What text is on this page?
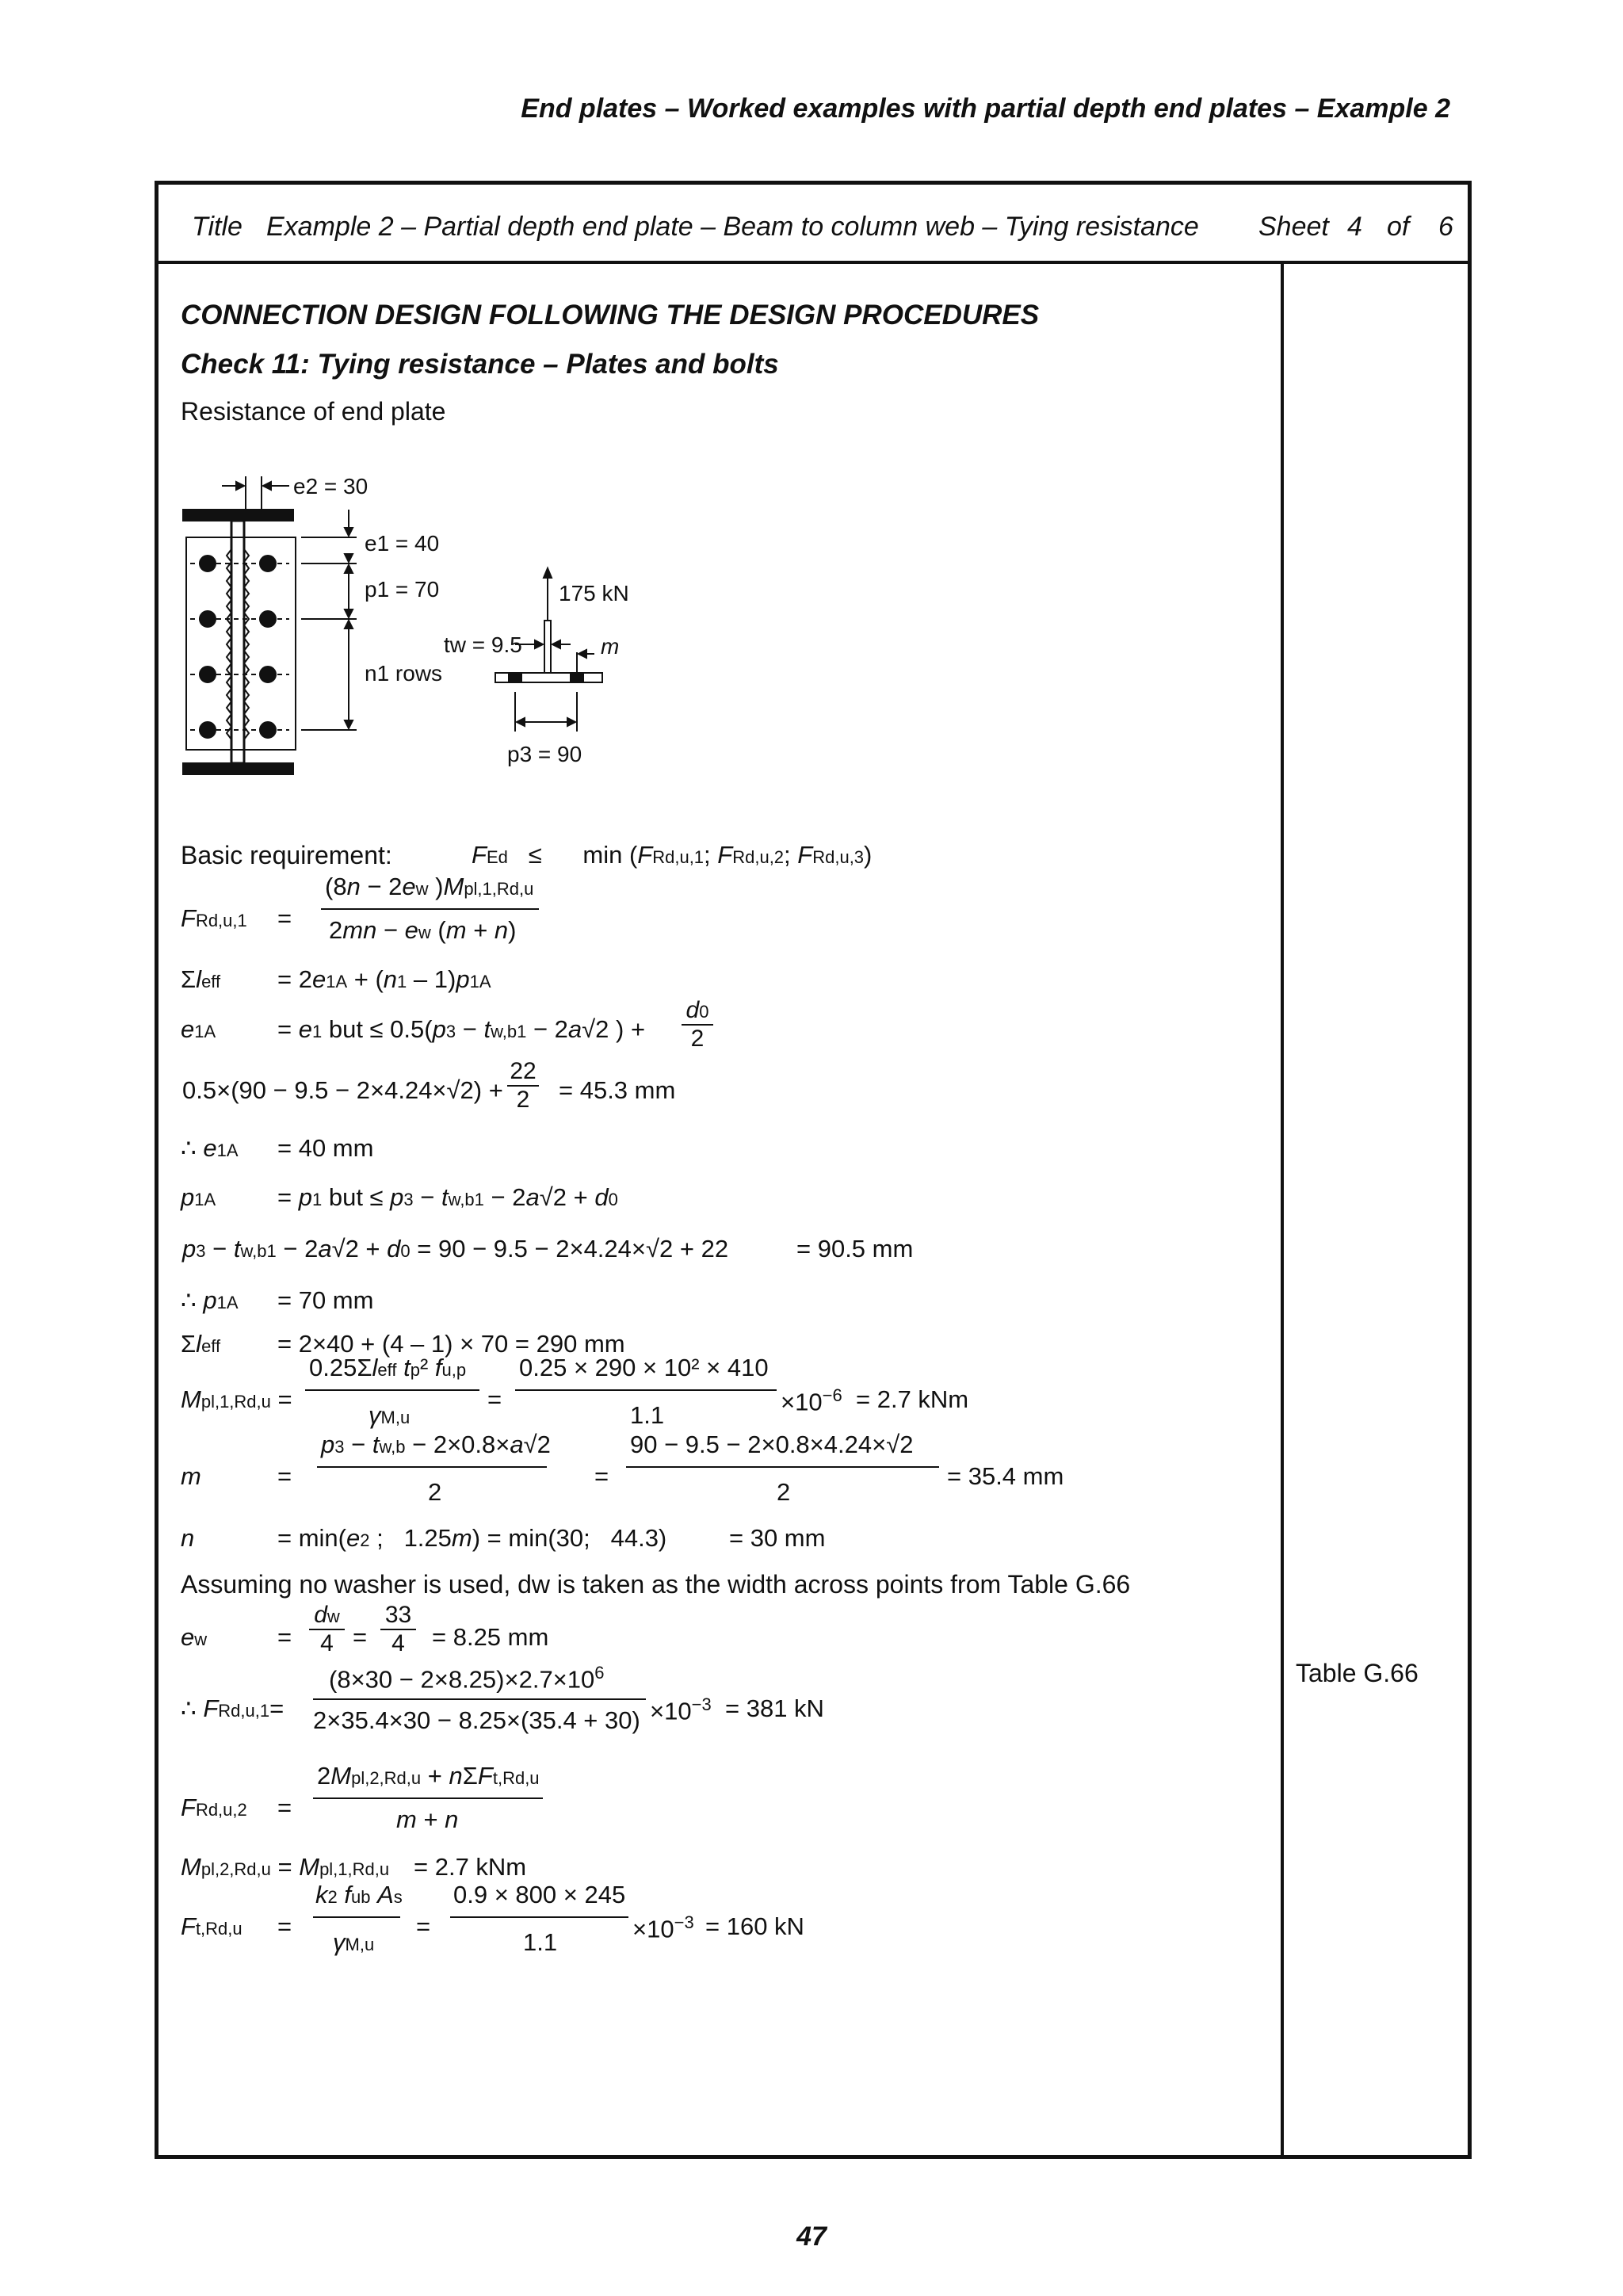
End plates – Worked examples with partial depth end plates – Example 2
Title Example 2 – Partial depth end plate – Beam to column web – Tying resistance Sheet 4 of 6
Table G.66
CONNECTION DESIGN FOLLOWING THE DESIGN PROCEDURES
Check 11: Tying resistance – Plates and bolts
Resistance of end plate
e2 = 30
e1 = 40
p1 = 70
n1 rows
175 kN
tw = 9.5	m
p3 = 90
Basic requirement:	FEd   ≤      min (FRd,u,1; FRd,u,2; FRd,u,3)
FRd,u,1 =
(8n − 2ew )Mpl,1,Rd,u
2mn − ew (m + n)
Σleff = 2e1A + (n1 – 1)p1A
e1A	= e1 but ≤ 0.5(p3 − tw,b1 − 2a√2 ) + $\frac{d0}{2}$
$0.5\times(90 - 9.5 - 2\times 4.24\times√2) + \frac{22}{2} = 45.3$ mm
∴ e1A = 40 mm
p1A	= p1 but ≤ p3 − tw,b1 − 2a√2 + d0
p3 − tw,b1 − 2a√2 + d0 = 90 − 9.5 − 2×4.24×√2 + 22	= 90.5 mm
∴ p1A = 70 mm
Σleff = 2×40 + (4 – 1) × 70 = 290 mm
Mpl,1,Rd,u =
0.25Σleff tp² fu,p
γM,u
=
0.25 × 290 × 10² × 410
1.1	$\times 10^{-6} = 2.7$ kNm
m	=
p3 − tw,b − 2×0.8×a√2
2
=
90 − 9.5 − 2×0.8×4.24×√2
2
= 35.4 mm
n	= min(e2 ;   1.25m) = min(30;   44.3)	= 30 mm
Assuming no washer is used, dw is taken as the width across points from Table G.66
ew	= $\frac{dw}{4} = \frac{33}{4} = 8.25$ mm
∴ FRd,u,1=
$(8\times 30 - 2\times 8.25)\times 2.7\times 10^6$
$2\times 35.4\times 30 - 8.25\times(35.4 + 30) \times 10^{-3} = 381$ kN
FRd,u,2 =
2Mpl,2,Rd,u + nΣFt,Rd,u
m + n
Mpl,2,Rd,u = Mpl,1,Rd,u = 2.7 kNm
Ft,Rd,u =
k2 fub As
γM,u
=
0.9 × 800 × 245
1.1	$\times 10^{-3} = 160$ kN
47
